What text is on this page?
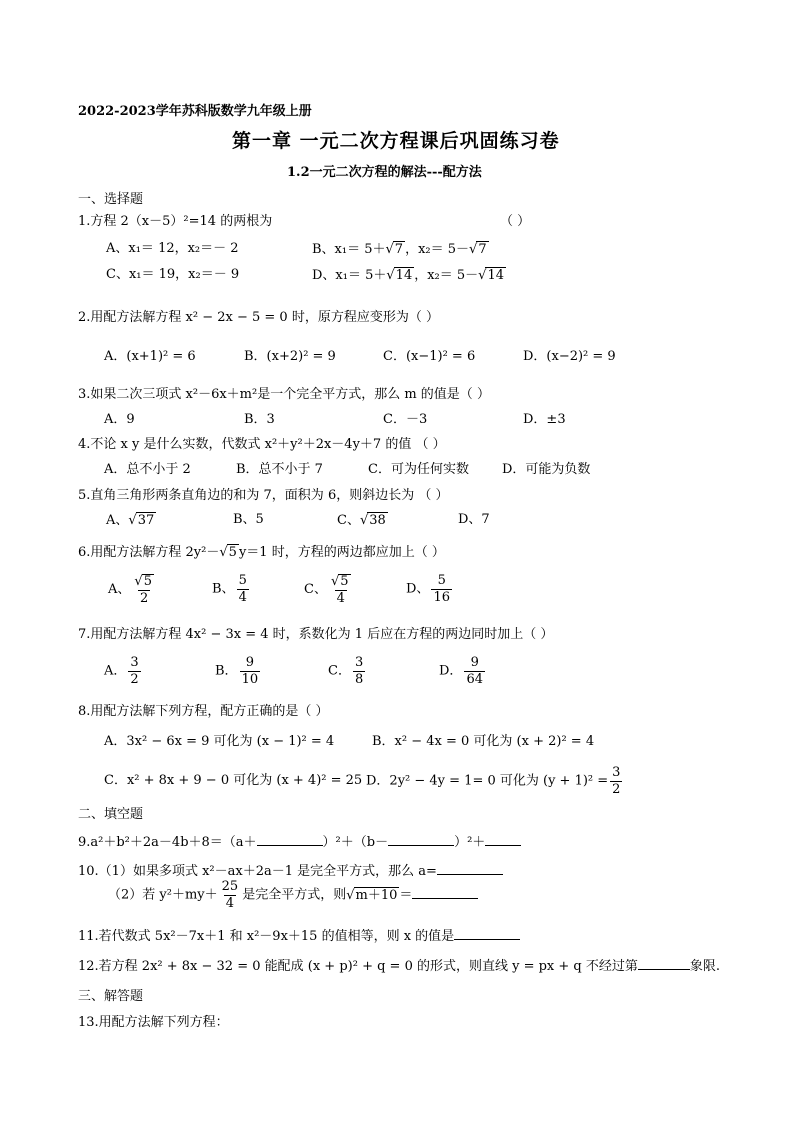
2022-2023学年苏科版数学九年级上册
第一章 一元二次方程课后巩固练习卷
1.2一元二次方程的解法---配方法
一、选择题
1.方程 2（x－5）²=14 的两根为	（ ）
A、x₁＝ 12，x₂＝－ 2	B、x₁＝ 5＋√7 ，x₂＝ 5－√7
C、x₁＝ 19，x₂＝－ 9	D、x₁＝ 5＋√14 ，x₂＝ 5－√14
2.用配方法解方程 x² − 2x − 5 = 0 时，原方程应变形为（ ）
A．(x+1)² = 6	B．(x+2)² = 9	C．(x−1)² = 6	D．(x−2)² = 9
3.如果二次三项式 x²－6x＋m²是一个完全平方式，那么 m 的值是（ ）
A．9	B．3	C．－3	D．±3
4.不论 x y 是什么实数，代数式 x²＋y²＋2x－4y＋7 的值 （ ）
A．总不小于 2	B．总不小于 7	C．可为任何实数	D．可能为负数
5.直角三角形两条直角边的和为 7，面积为 6，则斜边长为 （ ）
A、√37	B、5	C、√38	D、7
6.用配方法解方程 2y²－√5 y＝1 时，方程的两边都应加上（ ）
A、 $\frac{√5}{2}$	B、 $\frac{5}{4}$	C、 $\frac{√5}{4}$	D、 $\frac{5}{16}$
7.用配方法解方程 4x² − 3x = 4 时，系数化为 1 后应在方程的两边同时加上（ ）
A． $\frac{3}{2}$	B． $\frac{9}{10}$	C． $\frac{3}{8}$	D． $\frac{9}{64}$
8.用配方法解下列方程，配方正确的是（ ）
A．3x² − 6x = 9 可化为 (x − 1)² = 4	B．x² − 4x = 0 可化为 (x + 2)² = 4
C．x² + 8x + 9 − 0 可化为 (x + 4)² = 25 D．2y² − 4y = 1= 0 可化为 $(y + 1)^2 = \frac{3}{2}$
二、填空题
9.a²＋b²＋2a－4b＋8＝（a＋	）²＋（b－	）²＋
10.（1）如果多项式 x²－ax＋2a－1 是完全平方式，那么 a=
（2）若 $y^2+my+ \frac{25}{4}$ 是完全平方式，则√m＋10 ＝
11.若代数式 5x²－7x＋1 和 x²－9x＋15 的值相等，则 x 的值是
12.若方程 2x² + 8x − 32 = 0 能配成 (x + p)² + q = 0 的形式，则直线 y = px + q 不经过第	象限.
三、解答题
13.用配方法解下列方程：
